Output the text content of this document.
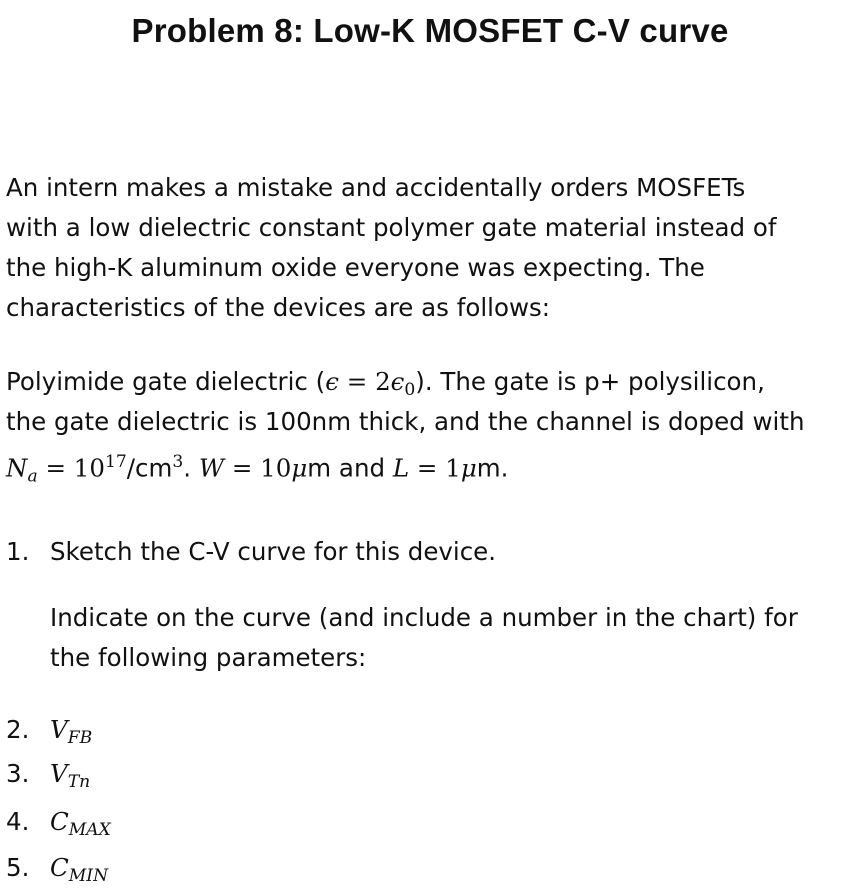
Problem 8: Low-K MOSFET C-V curve
An intern makes a mistake and accidentally orders MOSFETs
with a low dielectric constant polymer gate material instead of
the high-K aluminum oxide everyone was expecting. The
characteristics of the devices are as follows:
Polyimide gate dielectric $(\epsilon = 2\epsilon_0)$. The gate is p+ polysilicon,
the gate dielectric is 100nm thick, and the channel is doped with
$N_a = 10^{17}/cm^3$. W = 10μm and L = 1μm.
1. Sketch the C-V curve for this device.
Indicate on the curve (and include a number in the chart) for
the following parameters:
2. $V_{FB}$
3. $V_{Tn}$
4. $C_{MAX}$
5. $C_{MIN}$
